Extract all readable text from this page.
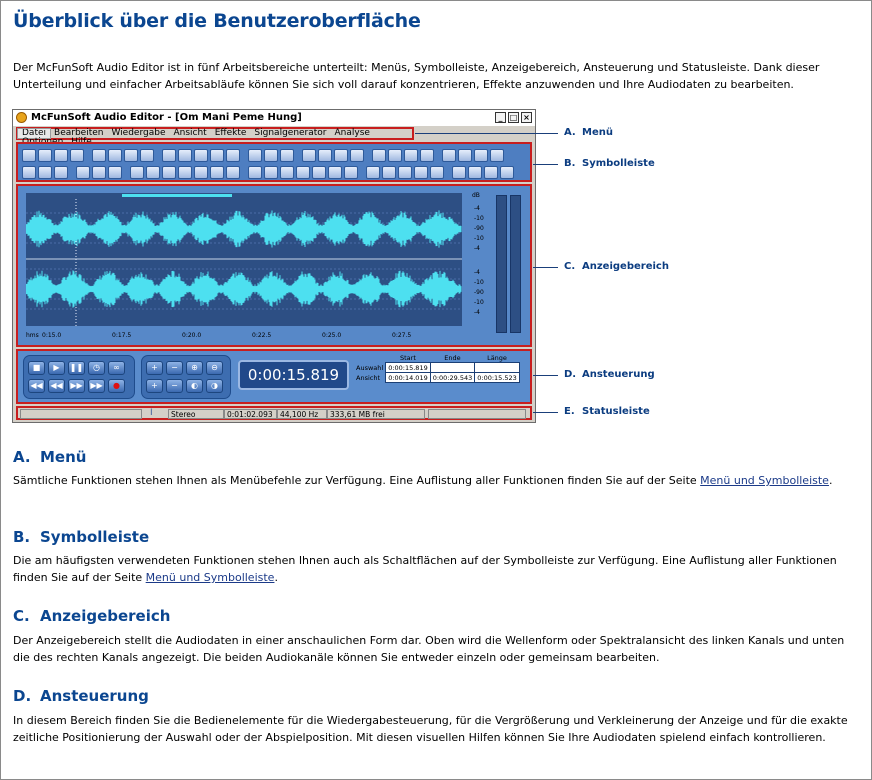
Überblick über die Benutzeroberfläche

Der McFunSoft Audio Editor ist in fünf Arbeitsbereiche unterteilt: Menüs, Symbolleiste, Anzeigebereich, Ansteuerung und Statusleiste. Dank dieser Unterteilung und einfacher Arbeitsabläufe können Sie sich voll darauf konzentrieren, Effekte anzuwenden und Ihre Audiodaten zu bearbeiten.

McFunSoft Audio Editor - [Om Mani Peme Hung]	_ □ ×
Datei Bearbeiten Wiedergabe Ansicht Effekte Signalgenerator Analyse
dB
-4
-10
-90
-10
-4
-4
-10
-90
-10
-4
hms 0:15.0	0:17.5	0:20.0	0:22.5	0:25.0	0:27.5
■	▶	❚❚	◷	∞
◀◀ ◀◀ ▶▶ ▶▶	●
+	−	⊕	⊖
+	−	◐	◑
0:00:15.819
	Start	Ende	Länge
Auswahl	0:00:15.819		
Ansicht	0:00:14.019	0:00:29.543	0:00:15.523
I	Stereo	0:01:02.093 44,100 Hz	333,61 MB frei
A. Menü
B. Symbolleiste
C. Anzeigebereich
D. Ansteuerung
E. Statusleiste
A. Menü

Sämtliche Funktionen stehen Ihnen als Menübefehle zur Verfügung. Eine Auflistung aller Funktionen finden Sie auf der Seite Menü und Symbolleiste.

B. Symbolleiste

Die am häufigsten verwendeten Funktionen stehen Ihnen auch als Schaltflächen auf der Symbolleiste zur Verfügung. Eine Auflistung aller Funktionen finden Sie auf der Seite Menü und Symbolleiste.

C. Anzeigebereich

Der Anzeigebereich stellt die Audiodaten in einer anschaulichen Form dar. Oben wird die Wellenform oder Spektralansicht des linken Kanals und unten die des rechten Kanals angezeigt. Die beiden Audiokanäle können Sie entweder einzeln oder gemeinsam bearbeiten.

D. Ansteuerung

In diesem Bereich finden Sie die Bedienelemente für die Wiedergabesteuerung, für die Vergrößerung und Verkleinerung der Anzeige und für die exakte zeitliche Positionierung der Auswahl oder der Abspielposition. Mit diesen visuellen Hilfen können Sie Ihre Audiodaten spielend einfach kontrollieren.
